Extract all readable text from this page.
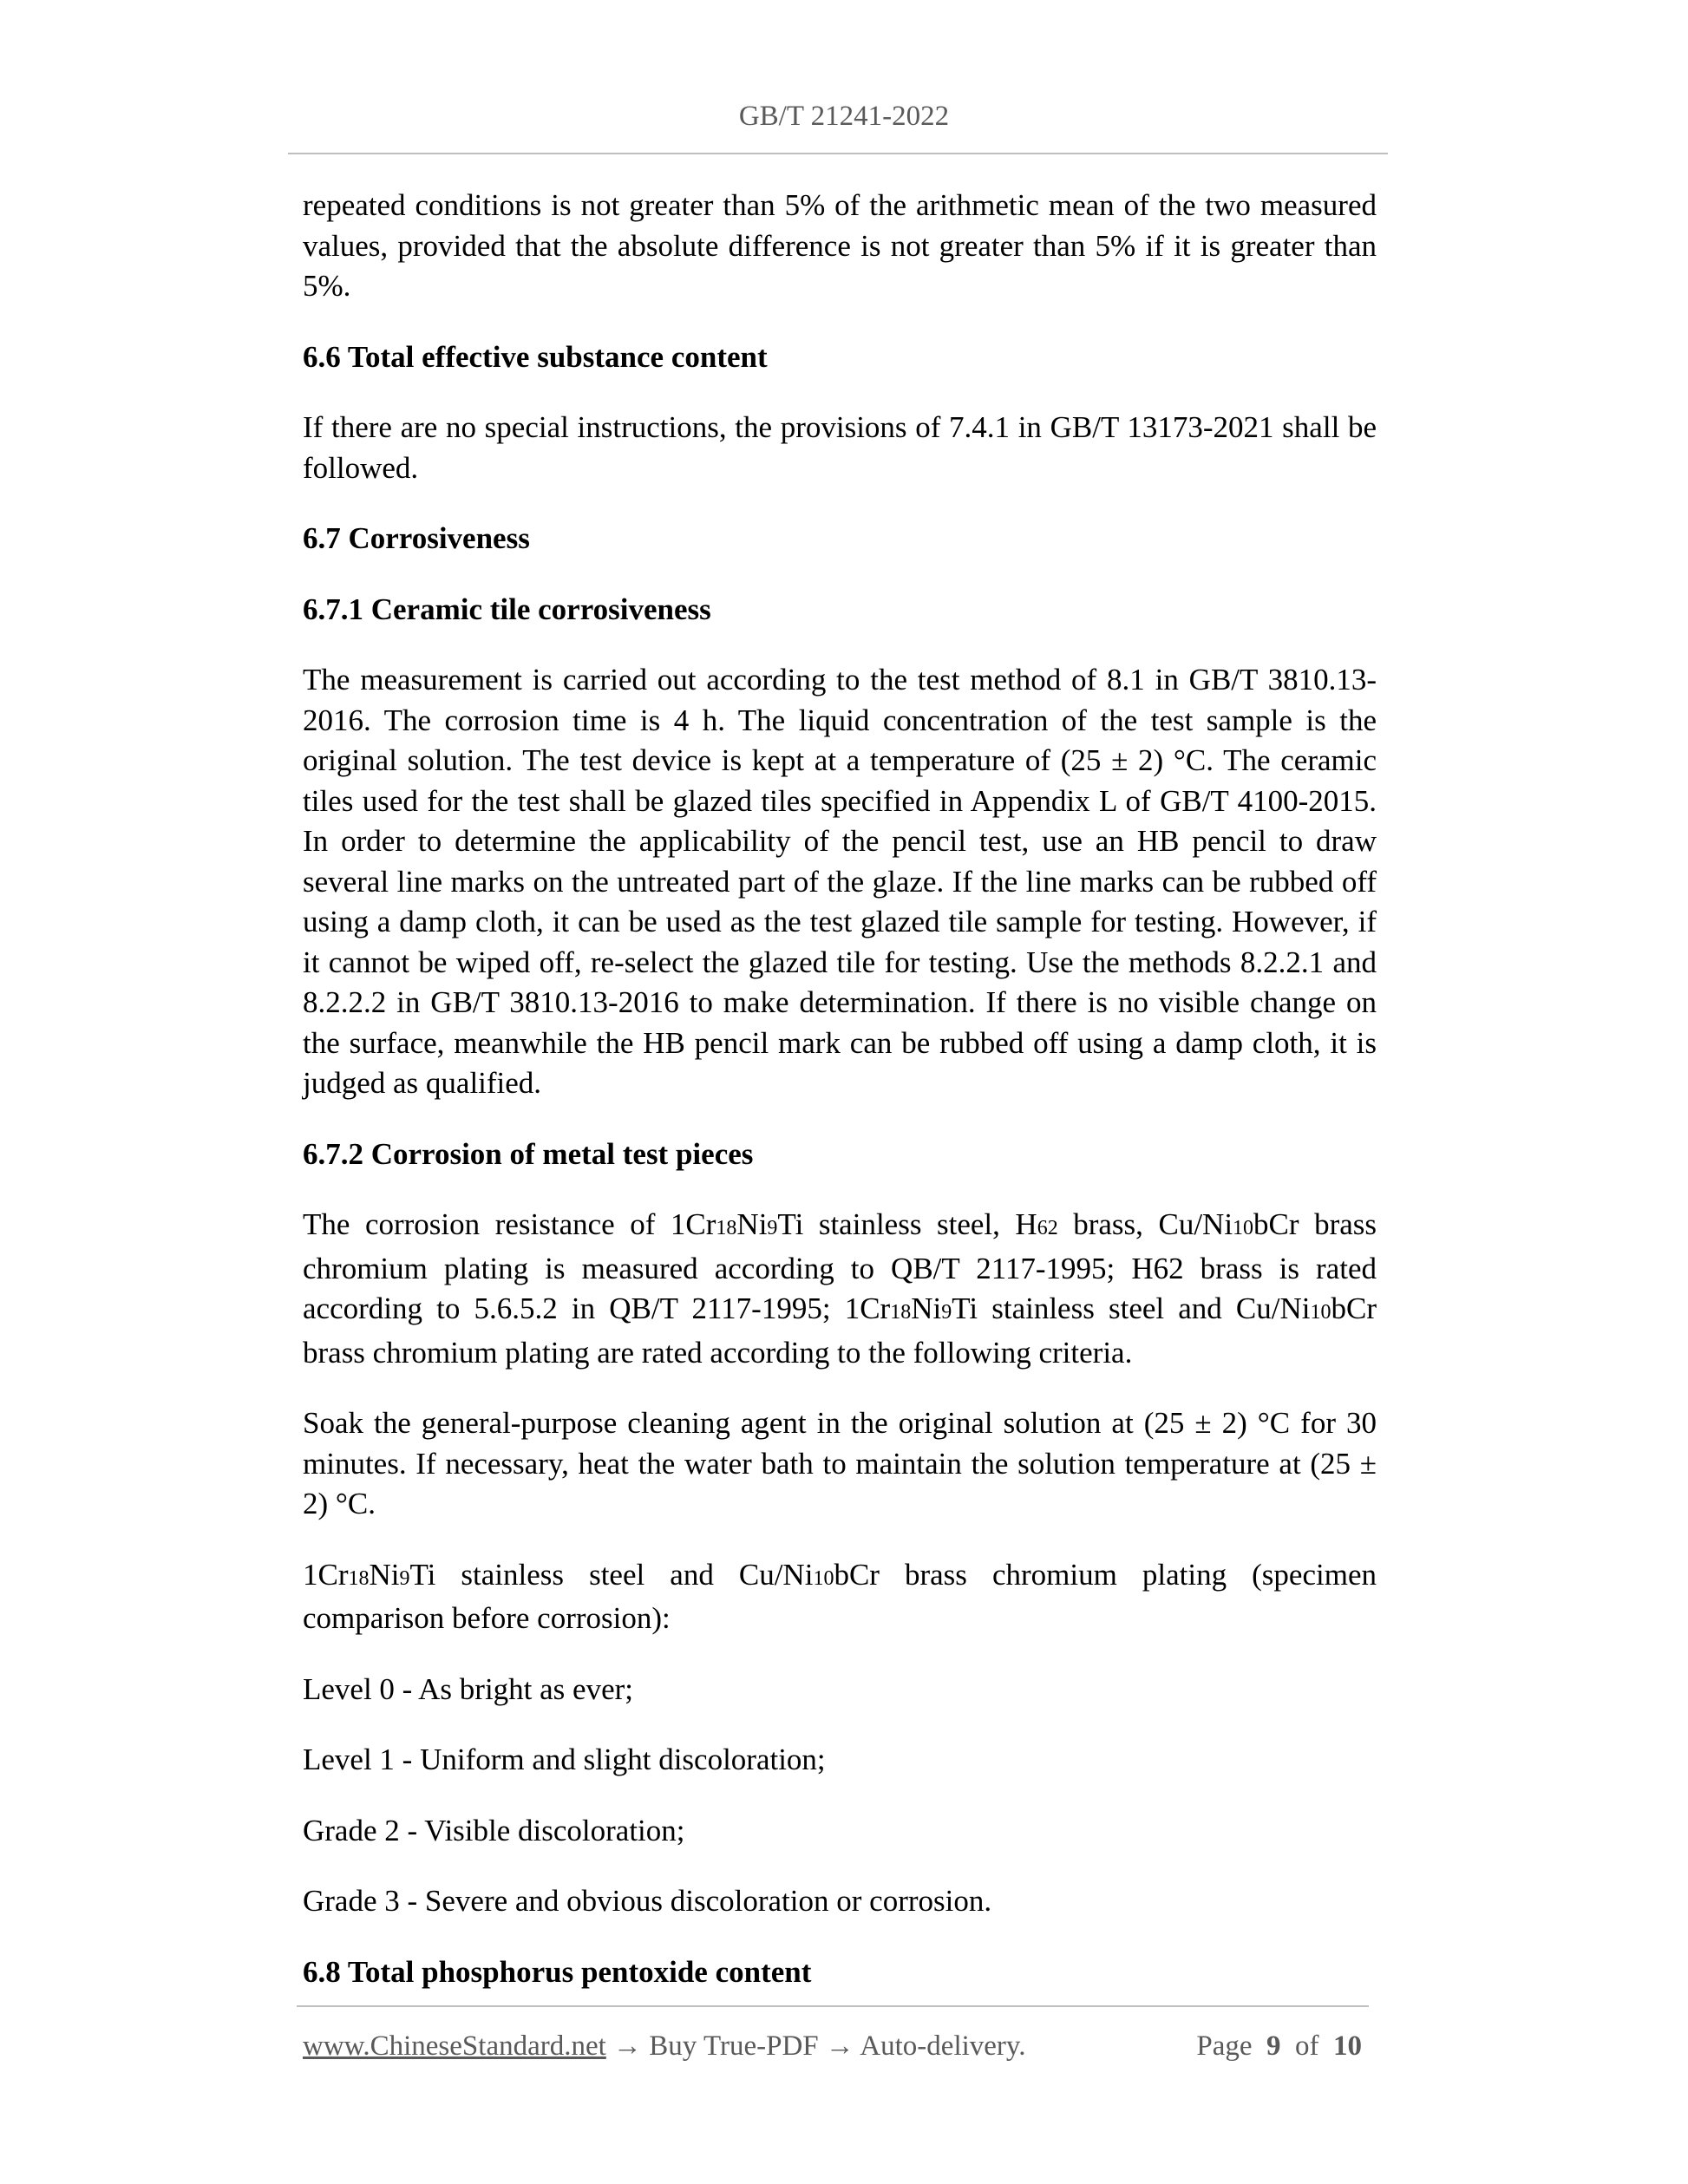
GB/T 21241-2022

repeated conditions is not greater than 5% of the arithmetic mean of the two measured values, provided that the absolute difference is not greater than 5% if it is greater than 5%.

6.6 Total effective substance content

If there are no special instructions, the provisions of 7.4.1 in GB/T 13173-2021 shall be followed.

6.7 Corrosiveness
6.7.1 Ceramic tile corrosiveness

The measurement is carried out according to the test method of 8.1 in GB/T 3810.13-2016. The corrosion time is 4 h. The liquid concentration of the test sample is the original solution. The test device is kept at a temperature of (25 ± 2) °C. The ceramic tiles used for the test shall be glazed tiles specified in Appendix L of GB/T 4100-2015. In order to determine the applicability of the pencil test, use an HB pencil to draw several line marks on the untreated part of the glaze. If the line marks can be rubbed off using a damp cloth, it can be used as the test glazed tile sample for testing. However, if it cannot be wiped off, re-select the glazed tile for testing. Use the methods 8.2.2.1 and 8.2.2.2 in GB/T 3810.13-2016 to make determination. If there is no visible change on the surface, meanwhile the HB pencil mark can be rubbed off using a damp cloth, it is judged as qualified.

6.7.2 Corrosion of metal test pieces

The corrosion resistance of 1Cr18Ni9Ti stainless steel, H62 brass, Cu/Ni10bCr brass chromium plating is measured according to QB/T 2117-1995; H62 brass is rated according to 5.6.5.2 in QB/T 2117-1995; 1Cr18Ni9Ti stainless steel and Cu/Ni10bCr brass chromium plating are rated according to the following criteria.

Soak the general-purpose cleaning agent in the original solution at (25 ± 2) °C for 30 minutes. If necessary, heat the water bath to maintain the solution temperature at (25 ± 2) °C.

1Cr18Ni9Ti stainless steel and Cu/Ni10bCr brass chromium plating (specimen comparison before corrosion):

Level 0 - As bright as ever;

Level 1 - Uniform and slight discoloration;

Grade 2 - Visible discoloration;

Grade 3 - Severe and obvious discoloration or corrosion.

6.8 Total phosphorus pentoxide content
www.ChineseStandard.net → Buy True-PDF → Auto-delivery.	Page 9 of 10
